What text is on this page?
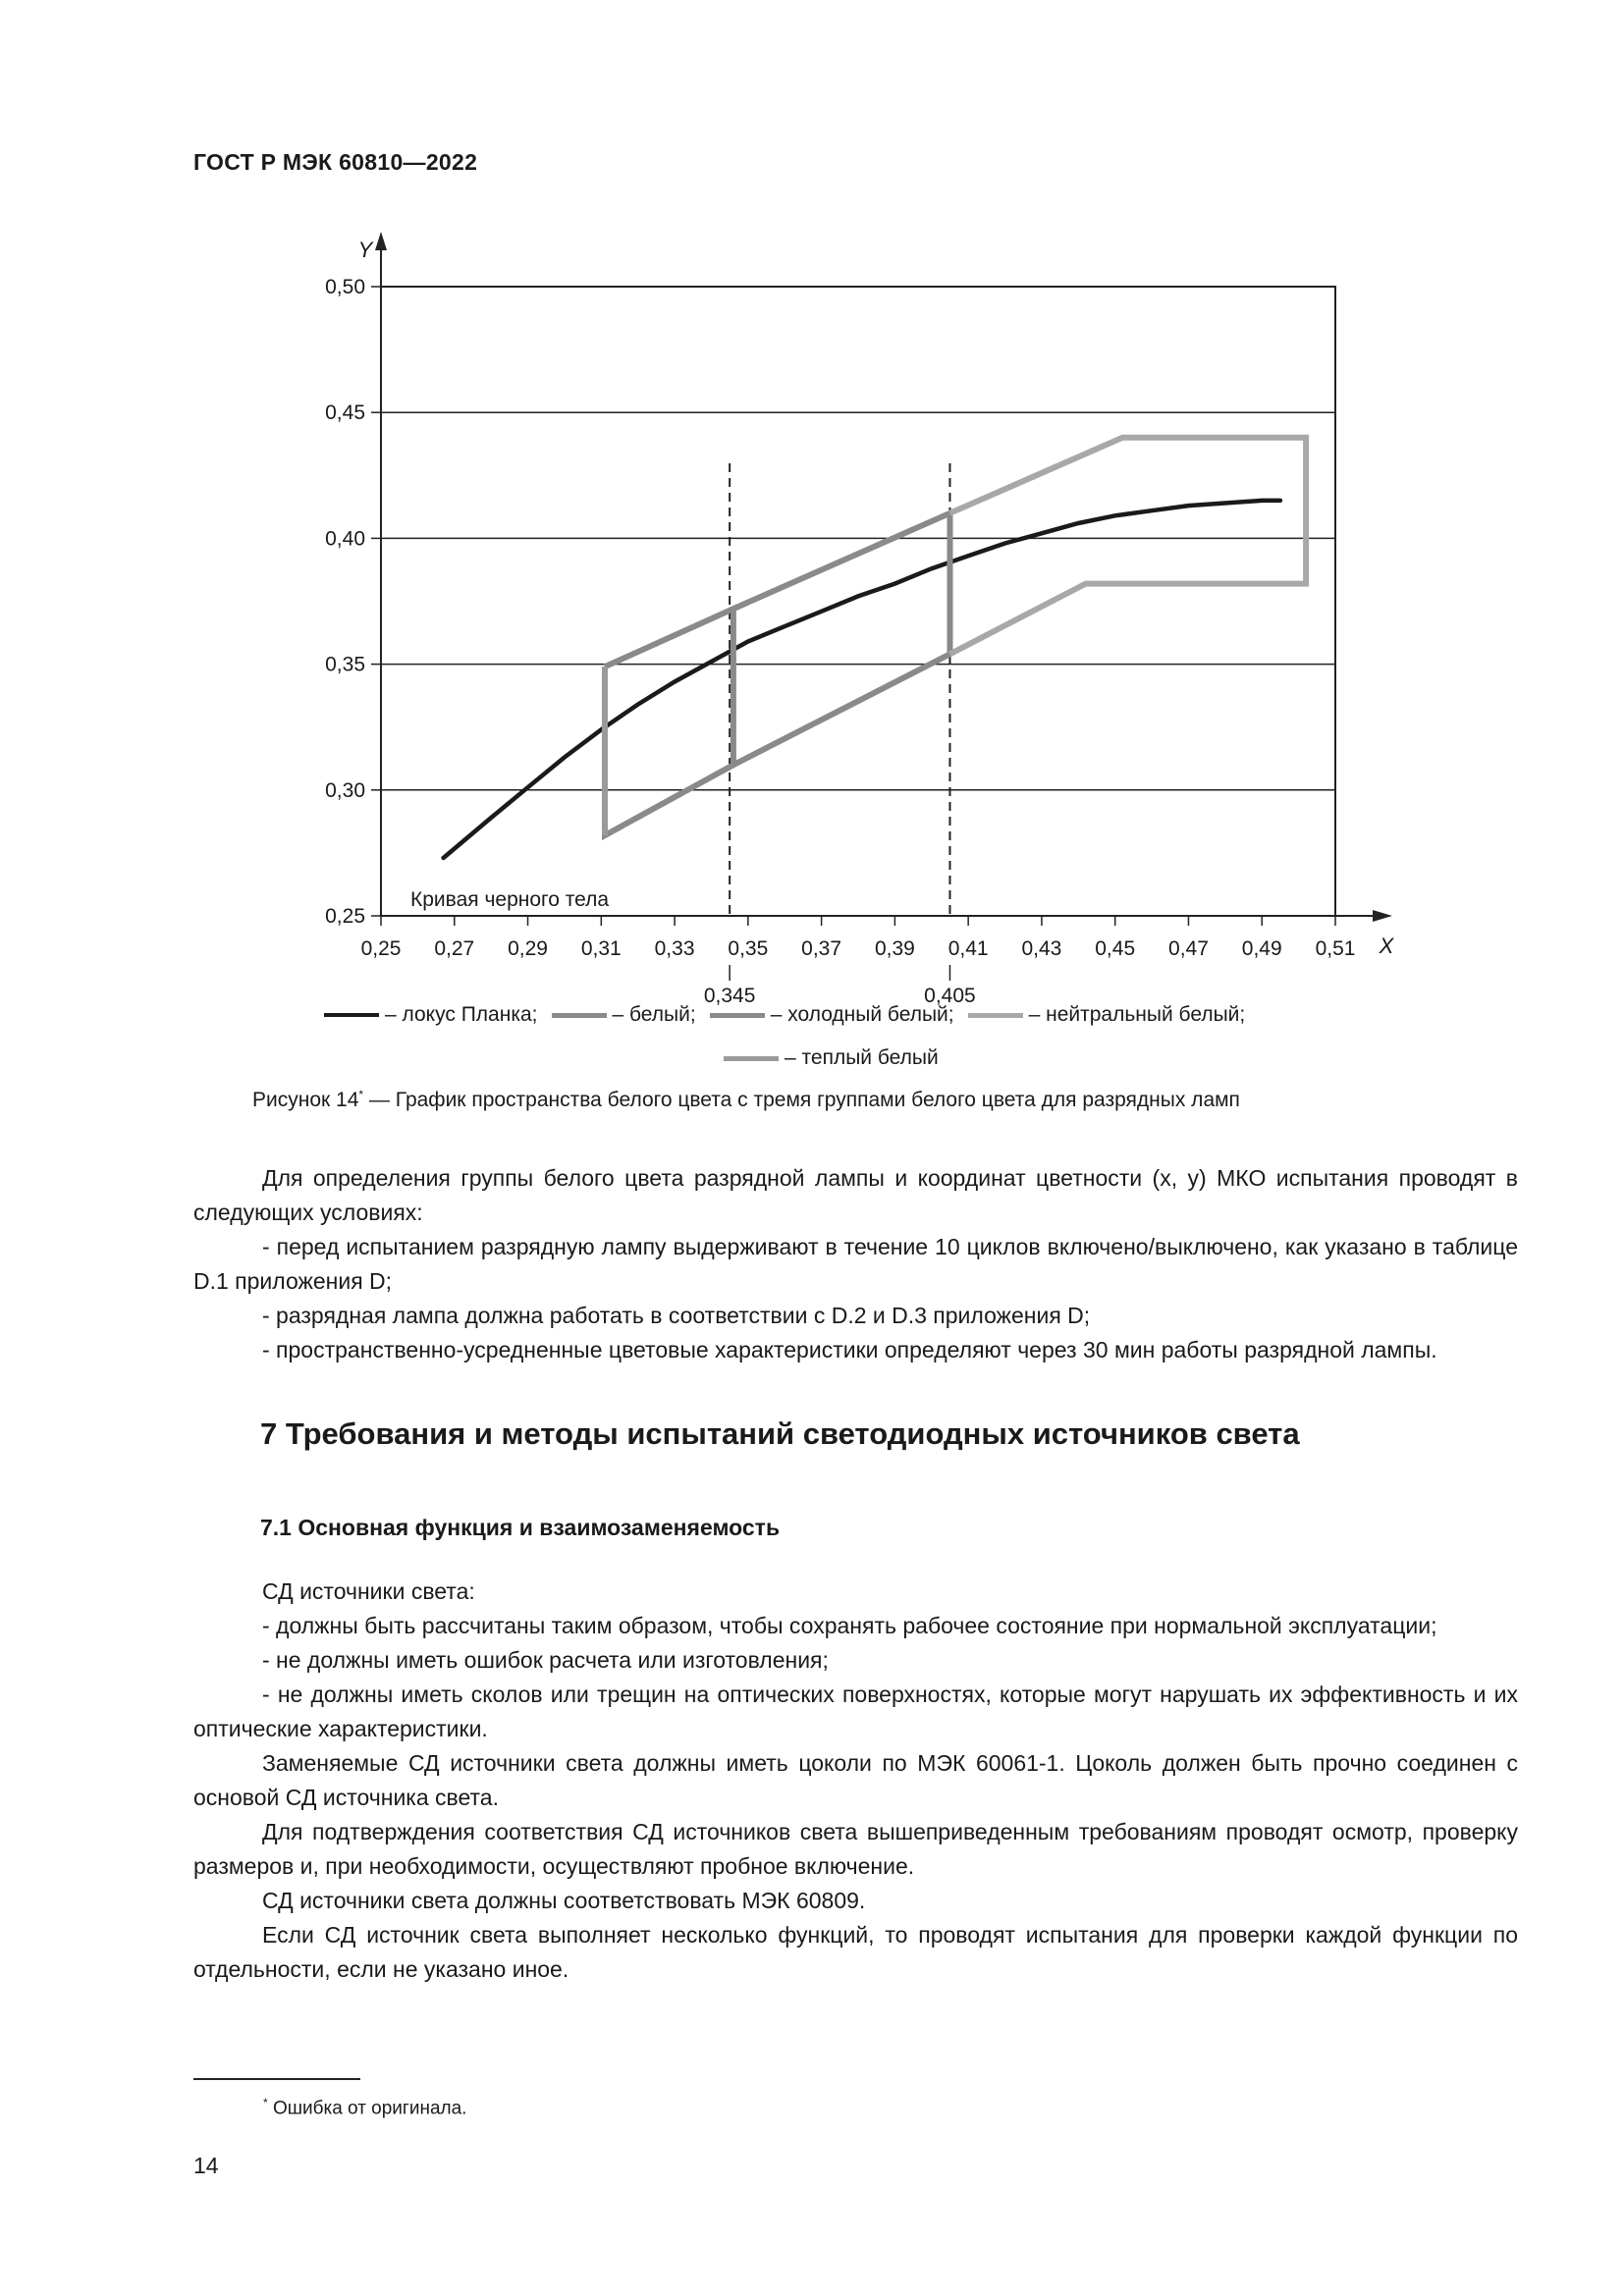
ГОСТ Р МЭК 60810—2022
0,25
0,30
0,35
0,40
0,45
0,50
Y
X
0,25 0,27 0,29 0,31 0,33 0,35 0,37 0,39 0,41 0,43 0,45 0,47 0,49 0,51
0,345	0,405
Кривая черного тела
– локус Планка;	– белый;	– холодный белый;	– нейтральный белый;
– теплый белый
Рисунок 14* — График пространства белого цвета с тремя группами белого цвета для разрядных ламп

Для определения группы белого цвета разрядной лампы и координат цветности (x, y) МКО испытания проводят в следующих условиях:

- перед испытанием разрядную лампу выдерживают в течение 10 циклов включено/выключено, как указано в таблице D.1 приложения D;

- разрядная лампа должна работать в соответствии с D.2 и D.3 приложения D;

- пространственно-усредненные цветовые характеристики определяют через 30 мин работы разрядной лампы.

7 Требования и методы испытаний светодиодных источников света
7.1 Основная функция и взаимозаменяемость

СД источники света:

- должны быть рассчитаны таким образом, чтобы сохранять рабочее состояние при нормальной эксплуатации;

- не должны иметь ошибок расчета или изготовления;

- не должны иметь сколов или трещин на оптических поверхностях, которые могут нарушать их эффективность и их оптические характеристики.

Заменяемые СД источники света должны иметь цоколи по МЭК 60061-1. Цоколь должен быть прочно соединен с основой СД источника света.

Для подтверждения соответствия СД источников света вышеприведенным требованиям проводят осмотр, проверку размеров и, при необходимости, осуществляют пробное включение.

СД источники света должны соответствовать МЭК 60809.

Если СД источник света выполняет несколько функций, то проводят испытания для проверки каждой функции по отдельности, если не указано иное.

* Ошибка от оригинала.
14
